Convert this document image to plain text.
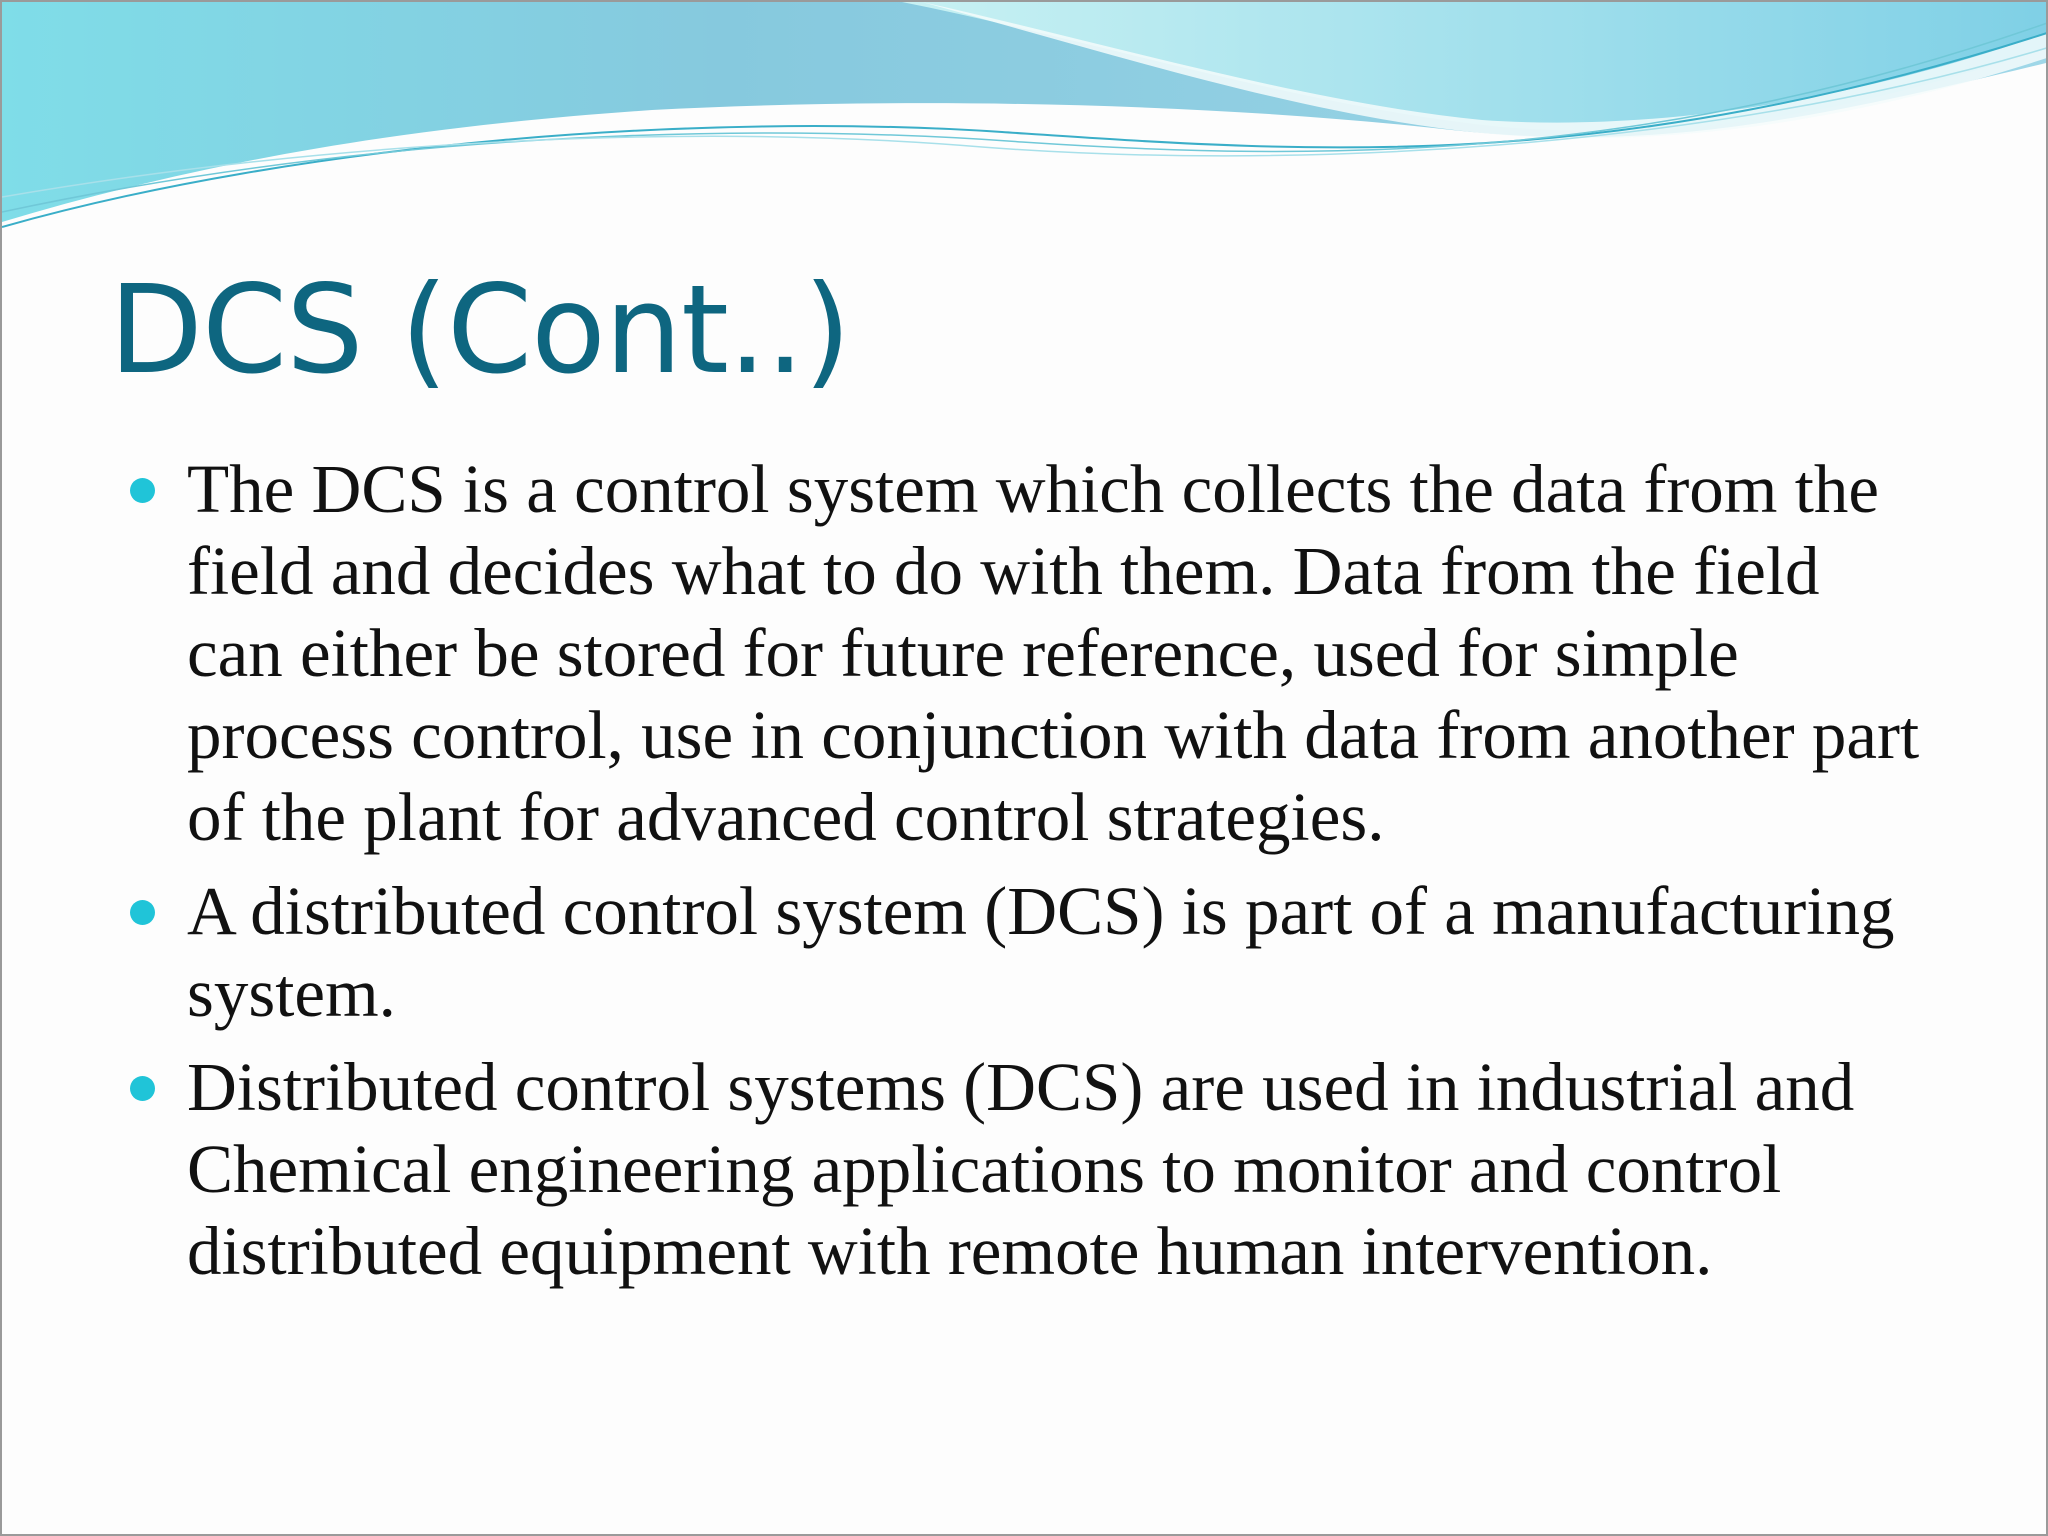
DCS (Cont..)
The DCS is a control system which collects the data from the field and decides what to do with them. Data from the field can either be stored for future reference, used for simple process control, use in conjunction with data from another part of the plant for advanced control strategies.
A distributed control system (DCS) is part of a manufacturing system.
Distributed control systems (DCS) are used in industrial and Chemical engineering applications to monitor and control distributed equipment with remote human intervention.
